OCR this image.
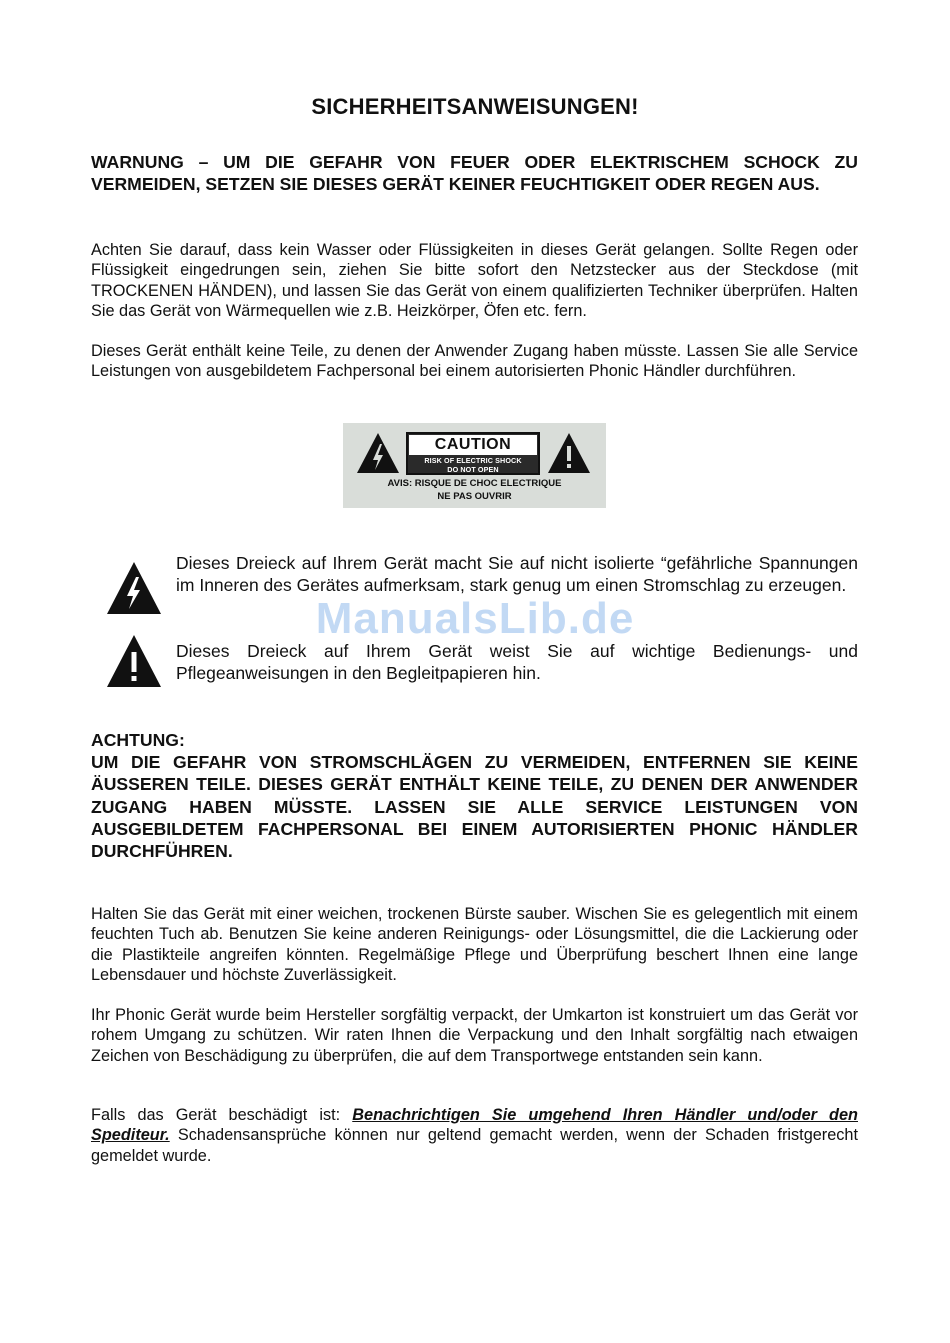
SICHERHEITSANWEISUNGEN!
WARNUNG – UM DIE GEFAHR VON FEUER ODER ELEKTRISCHEM SCHOCK ZU VERMEIDEN, SETZEN SIE DIESES GERÄT KEINER FEUCHTIGKEIT ODER REGEN AUS.
Achten Sie darauf, dass kein Wasser oder Flüssigkeiten in dieses Gerät gelangen. Sollte Regen oder Flüssigkeit eingedrungen sein, ziehen Sie bitte sofort den Netzstecker aus der Steckdose (mit TROCKENEN HÄNDEN), und lassen Sie das Gerät von einem qualifizierten Techniker überprüfen. Halten Sie das Gerät von Wärmequellen wie z.B. Heizkörper, Öfen etc. fern.
Dieses Gerät enthält keine Teile, zu denen der Anwender Zugang haben müsste. Lassen Sie alle Service Leistungen von ausgebildetem Fachpersonal bei einem autorisierten Phonic Händler durchführen.
CAUTION
RISK OF ELECTRIC SHOCK
DO NOT OPEN
AVIS: RISQUE DE CHOC ELECTRIQUE
NE PAS OUVRIR
Dieses Dreieck auf Ihrem Gerät macht Sie auf nicht isolierte “gefährliche Spannungen im Inneren des Gerätes aufmerksam, stark genug um einen Stromschlag zu erzeugen.
Dieses Dreieck auf Ihrem Gerät weist Sie auf wichtige Bedienungs- und Pflegeanweisungen in den Begleitpapieren hin.
ManualsLib.de
ACHTUNG:
UM DIE GEFAHR VON STROMSCHLÄGEN ZU VERMEIDEN, ENTFERNEN SIE KEINE ÄUSSEREN TEILE. DIESES GERÄT ENTHÄLT KEINE TEILE, ZU DENEN DER ANWENDER ZUGANG HABEN MÜSSTE. LASSEN SIE ALLE SERVICE LEISTUNGEN VON AUSGEBILDETEM FACHPERSONAL BEI EINEM AUTORISIERTEN PHONIC HÄNDLER DURCHFÜHREN.
Halten Sie das Gerät mit einer weichen, trockenen Bürste sauber. Wischen Sie es gelegentlich mit einem feuchten Tuch ab. Benutzen Sie keine anderen Reinigungs- oder Lösungsmittel, die die Lackierung oder die Plastikteile angreifen könnten. Regelmäßige Pflege und Überprüfung beschert Ihnen eine lange Lebensdauer und höchste Zuverlässigkeit.
Ihr Phonic Gerät wurde beim Hersteller sorgfältig verpackt, der Umkarton ist konstruiert um das Gerät vor rohem Umgang zu schützen. Wir raten Ihnen die Verpackung und den Inhalt sorgfältig nach etwaigen Zeichen von Beschädigung zu überprüfen, die auf dem Transportwege entstanden sein kann.
Falls das Gerät beschädigt ist: Benachrichtigen Sie umgehend Ihren Händler und/oder den Spediteur. Schadensansprüche können nur geltend gemacht werden, wenn der Schaden fristgerecht gemeldet wurde.
